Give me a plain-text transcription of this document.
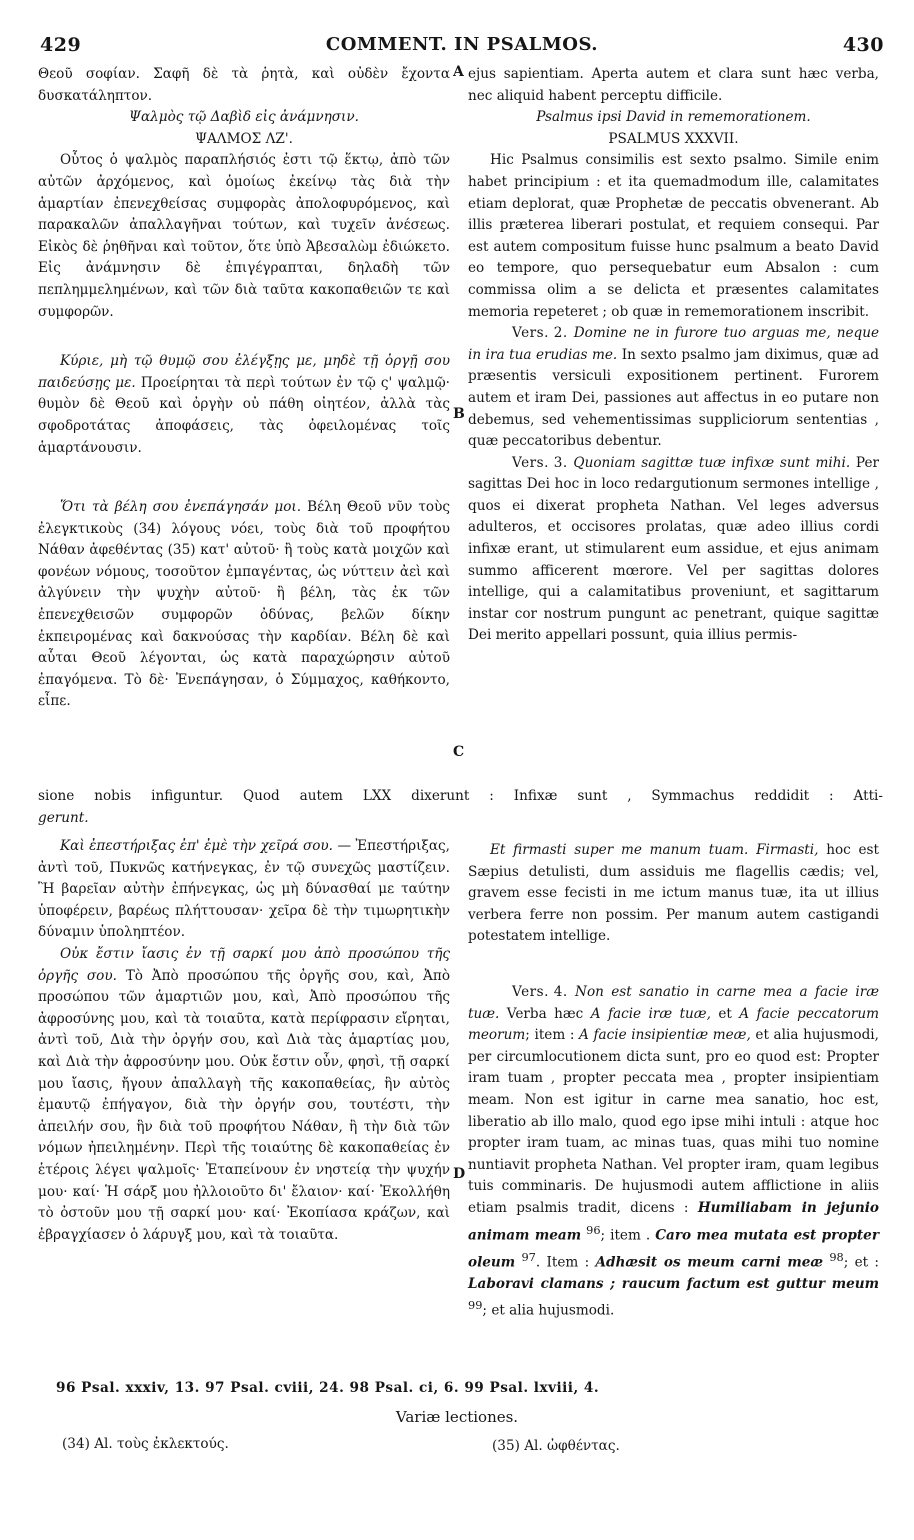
429	COMMENT. IN PSALMOS.	430

Θεοῦ σοφίαν. Σαφῆ δὲ τὰ ῥητὰ, καὶ οὐδὲν ἔχοντα δυσκατάληπτον.

Ψαλμὸς τῷ Δαβὶδ εἰς ἀνάμνησιν.

ΨΑΛΜΟΣ ΛΖ'.

Οὗτος ὁ ψαλμὸς παραπλήσιός ἐστι τῷ ἕκτῳ, ἀπὸ τῶν αὐτῶν ἀρχόμενος, καὶ ὁμοίως ἐκείνῳ τὰς διὰ τὴν ἁμαρτίαν ἐπενεχθείσας συμφορὰς ἀπολοφυρόμενος, καὶ παρακαλῶν ἀπαλλαγῆναι τούτων, καὶ τυχεῖν ἀνέσεως. Εἰκὸς δὲ ῥηθῆναι καὶ τοῦτον, ὅτε ὑπὸ Ἀβεσαλὼμ ἐδιώκετο. Εἰς ἀνάμνησιν δὲ ἐπιγέγραπται, δηλαδὴ τῶν πεπλημμελημένων, καὶ τῶν διὰ ταῦτα κακοπαθειῶν τε καὶ συμφορῶν.

Κύριε, μὴ τῷ θυμῷ σου ἐλέγξῃς με, μηδὲ τῇ ὀργῇ σου παιδεύσῃς με. Προείρηται τὰ περὶ τούτων ἐν τῷ ς' ψαλμῷ· θυμὸν δὲ Θεοῦ καὶ ὀργὴν οὐ πάθη οἰητέον, ἀλλὰ τὰς σφοδροτάτας ἀποφάσεις, τὰς ὀφειλομένας τοῖς ἁμαρτάνουσιν.

Ὅτι τὰ βέλη σου ἐνεπάγησάν μοι. Βέλη Θεοῦ νῦν τοὺς ἐλεγκτικοὺς (34) λόγους νόει, τοὺς διὰ τοῦ προφήτου Νάθαν ἀφεθέντας (35) κατ' αὐτοῦ· ἢ τοὺς κατὰ μοιχῶν καὶ φονέων νόμους, τοσοῦτον ἐμπαγέντας, ὡς νύττειν ἀεὶ καὶ ἀλγύνειν τὴν ψυχὴν αὐτοῦ· ἢ βέλη, τὰς ἐκ τῶν ἐπενεχθεισῶν συμφορῶν ὀδύνας, βελῶν δίκην ἐκπειρομένας καὶ δακνούσας τὴν καρδίαν. Βέλη δὲ καὶ αὗται Θεοῦ λέγονται, ὡς κατὰ παραχώρησιν αὐτοῦ ἐπαγόμενα. Τὸ δὲ· Ἐνεπάγησαν, ὁ Σύμμαχος, καθήκοντο, εἶπε.

sione nobis infiguntur. Quod autem LXX dixerunt : Infixæ sunt , Symmachus reddidit : Atti-
gerunt.

Καὶ ἐπεστήριξας ἐπ' ἐμὲ τὴν χεῖρά σου. — Ἐπεστήριξας, ἀντὶ τοῦ, Πυκνῶς κατήνεγκας, ἐν τῷ συνεχῶς μαστίζειν. Ἢ βαρεῖαν αὐτὴν ἐπήνεγκας, ὡς μὴ δύνασθαί με ταύτην ὑποφέρειν, βαρέως πλήττουσαν· χεῖρα δὲ τὴν τιμωρητικὴν δύναμιν ὑποληπτέον.

Οὐκ ἔστιν ἴασις ἐν τῇ σαρκί μου ἀπὸ προσώπου τῆς ὀργῆς σου. Τὸ Ἀπὸ προσώπου τῆς ὀργῆς σου, καὶ, Ἀπὸ προσώπου τῶν ἁμαρτιῶν μου, καὶ, Ἀπὸ προσώπου τῆς ἀφροσύνης μου, καὶ τὰ τοιαῦτα, κατὰ περίφρασιν εἴρηται, ἀντὶ τοῦ, Διὰ τὴν ὀργήν σου, καὶ Διὰ τὰς ἁμαρτίας μου, καὶ Διὰ τὴν ἀφροσύνην μου. Οὐκ ἔστιν οὖν, φησὶ, τῇ σαρκί μου ἴασις, ἤγουν ἀπαλλαγὴ τῆς κακοπαθείας, ἣν αὐτὸς ἐμαυτῷ ἐπήγαγον, διὰ τὴν ὀργήν σου, τουτέστι, τὴν ἀπειλήν σου, ἣν διὰ τοῦ προφήτου Νάθαν, ἢ τὴν διὰ τῶν νόμων ἠπειλημένην. Περὶ τῆς τοιαύτης δὲ κακοπαθείας ἐν ἑτέροις λέγει ψαλμοῖς· Ἐταπείνουν ἐν νηστείᾳ τὴν ψυχήν μου· καί· Ἡ σάρξ μου ἠλλοιοῦτο δι' ἔλαιον· καί· Ἐκολλήθη τὸ ὀστοῦν μου τῇ σαρκί μου· καί· Ἐκοπίασα κράζων, καὶ ἐβραγχίασεν ὁ λάρυγξ μου, καὶ τὰ τοιαῦτα.

ejus sapientiam. Aperta autem et clara sunt hæc verba, nec aliquid habent perceptu difficile.

Psalmus ipsi David in rememorationem.

PSALMUS XXXVII.

Hic Psalmus consimilis est sexto psalmo. Simile enim habet principium : et ita quemadmodum ille, calamitates etiam deplorat, quæ Prophetæ de peccatis obvenerant. Ab illis præterea liberari postulat, et requiem consequi. Par est autem compositum fuisse hunc psalmum a beato David eo tempore, quo persequebatur eum Absalon : cum commissa olim a se delicta et præsentes calamitates memoria repeteret ; ob quæ in rememorationem inscribit.

Vers. 2. Domine ne in furore tuo arguas me, neque in ira tua erudias me. In sexto psalmo jam diximus, quæ ad præsentis versiculi expositionem pertinent. Furorem autem et iram Dei, passiones aut affectus in eo putare non debemus, sed vehementissimas suppliciorum sententias , quæ peccatoribus debentur.

Vers. 3. Quoniam sagittæ tuæ infixæ sunt mihi. Per sagittas Dei hoc in loco redargutionum sermones intellige , quos ei dixerat propheta Nathan. Vel leges adversus adulteros, et occisores prolatas, quæ adeo illius cordi infixæ erant, ut stimularent eum assidue, et ejus animam summo afficerent mœrore. Vel per sagittas dolores intellige, qui a calamitatibus proveniunt, et sagittarum instar cor nostrum pungunt ac penetrant, quique sagittæ Dei merito appellari possunt, quia illius permis-

Et firmasti super me manum tuam. Firmasti, hoc est Sæpius detulisti, dum assiduis me flagellis cædis; vel, gravem esse fecisti in me ictum manus tuæ, ita ut illius verbera ferre non possim. Per manum autem castigandi potestatem intellige.

Vers. 4. Non est sanatio in carne mea a facie iræ tuæ. Verba hæc A facie iræ tuæ, et A facie peccatorum meorum; item : A facie insipientiæ meæ, et alia hujusmodi, per circumlocutionem dicta sunt, pro eo quod est: Propter iram tuam , propter peccata mea , propter insipientiam meam. Non est igitur in carne mea sanatio, hoc est, liberatio ab illo malo, quod ego ipse mihi intuli : atque hoc propter iram tuam, ac minas tuas, quas mihi tuo nomine nuntiavit propheta Nathan. Vel propter iram, quam legibus tuis comminaris. De hujusmodi autem afflictione in aliis etiam psalmis tradit, dicens : Humiliabam in jejunio animam meam $^{96}$; item . Caro mea mutata est propter oleum $^{97}$. Item : Adhæsit os meum carni meæ $^{98}$; et : Laboravi clamans ; raucum factum est guttur meum $^{99}$; et alia hujusmodi.

A
B
C
D
96 Psal. xxxiv, 13. 97 Psal. cviii, 24. 98 Psal. ci, 6. 99 Psal. lxviii, 4.
Variæ lectiones.
(34) Al. τοὺς ἐκλεκτούς.	(35) Al. ὠφθέντας.
